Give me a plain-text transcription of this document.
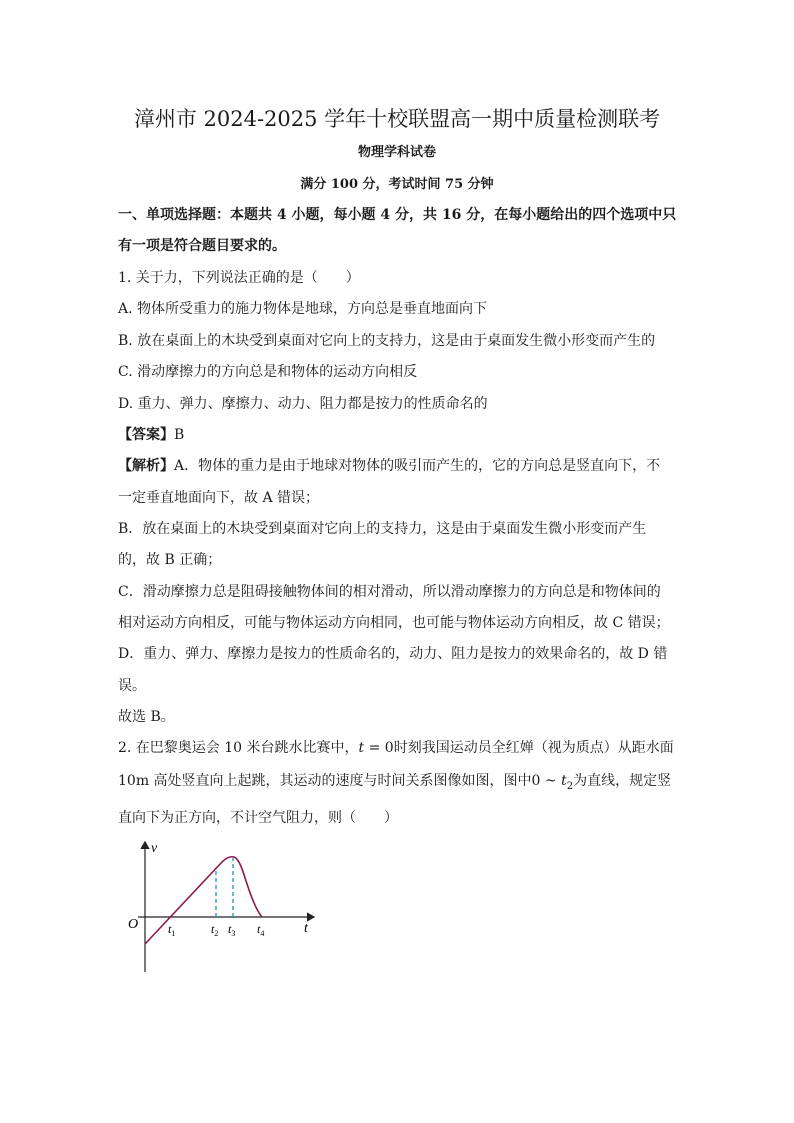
漳州市 2024-2025 学年十校联盟高一期中质量检测联考
物理学科试卷
满分 100 分，考试时间 75 分钟
一、单项选择题：本题共 4 小题，每小题 4 分，共 16 分，在每小题给出的四个选项中只
有一项是符合题目要求的。
1. 关于力，下列说法正确的是（　　）
A. 物体所受重力的施力物体是地球，方向总是垂直地面向下
B. 放在桌面上的木块受到桌面对它向上的支持力，这是由于桌面发生微小形变而产生的
C. 滑动摩擦力的方向总是和物体的运动方向相反
D. 重力、弹力、摩擦力、动力、阻力都是按力的性质命名的
【答案】B
【解析】A．物体的重力是由于地球对物体的吸引而产生的，它的方向总是竖直向下，不
一定垂直地面向下，故 A 错误；
B．放在桌面上的木块受到桌面对它向上的支持力，这是由于桌面发生微小形变而产生
的，故 B 正确；
C．滑动摩擦力总是阻碍接触物体间的相对滑动，所以滑动摩擦力的方向总是和物体间的
相对运动方向相反，可能与物体运动方向相同，也可能与物体运动方向相反，故 C 错误；
D．重力、弹力、摩擦力是按力的性质命名的，动力、阻力是按力的效果命名的，故 D 错
误。
故选 B。
2. 在巴黎奥运会 10 米台跳水比赛中，t = 0时刻我国运动员全红婵（视为质点）从距水面
10m 高处竖直向上起跳，其运动的速度与时间关系图像如图，图中0 ~ $t_2$为直线，规定竖
直向下为正方向，不计空气阻力，则（　　）
v
t
O $t_1$	$t_2$ $t_3$ $t_4$
